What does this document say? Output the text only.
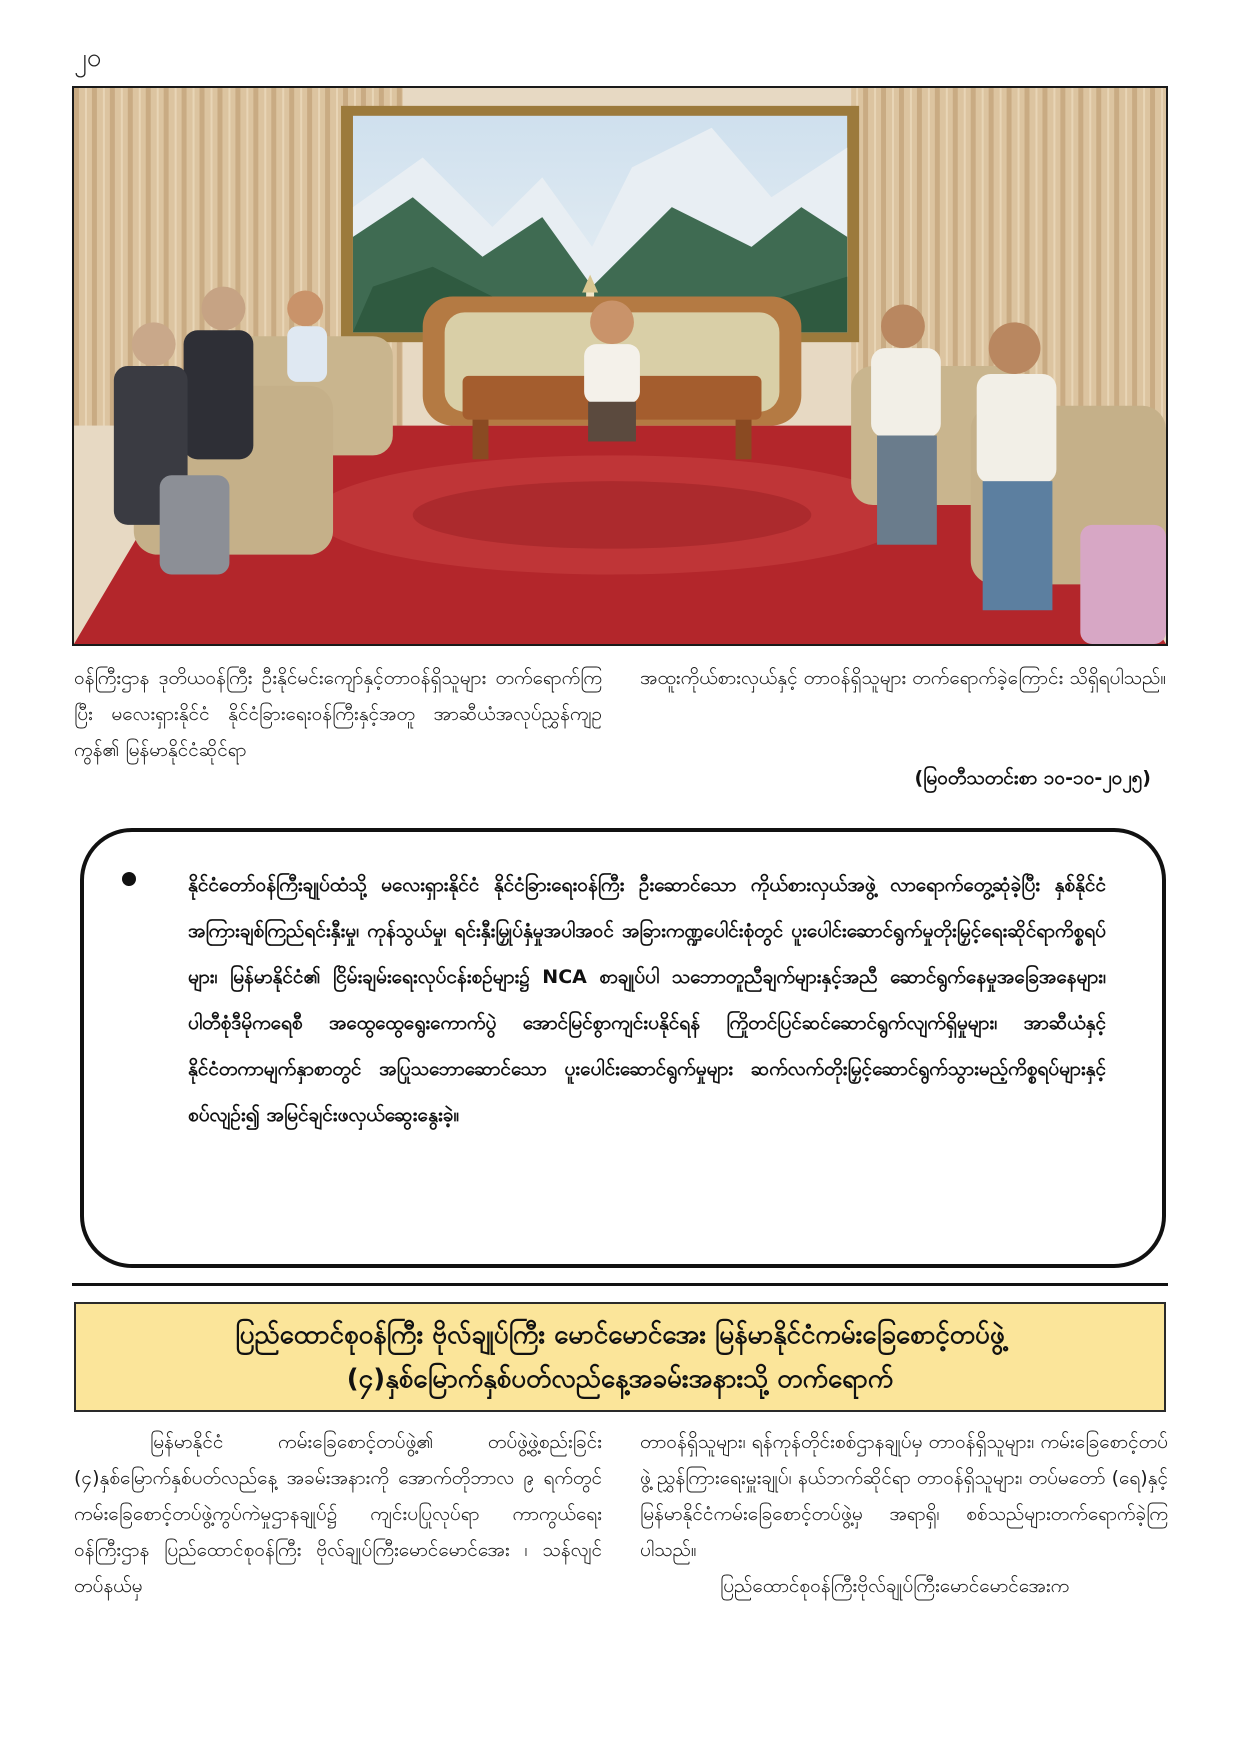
၂၀
ဝန်ကြီးဌာန ဒုတိယဝန်ကြီး ဦးနိုင်မင်းကျော်နှင့်တာဝန်ရှိသူများ တက်ရောက်ကြပြီး မလေးရှားနိုင်ငံ နိုင်ငံခြားရေးဝန်ကြီးနှင့်အတူ အာဆီယံအလုပ်ညွှန်ကျဥကွန်၏ မြန်မာနိုင်ငံဆိုင်ရာ
အထူးကိုယ်စားလှယ်နှင့် တာဝန်ရှိသူများ တက်ရောက်ခဲ့ကြောင်း သိရှိရပါသည်။
(မြဝတီသတင်းစာ ၁၀-၁၀-၂၀၂၅)
နိုင်ငံတော်ဝန်ကြီးချုပ်ထံသို့ မလေးရှားနိုင်ငံ နိုင်ငံခြားရေးဝန်ကြီး ဦးဆောင်သော ကိုယ်စားလှယ်အဖွဲ့ လာရောက်တွေ့ဆုံခဲ့ပြီး နှစ်နိုင်ငံအကြားချစ်ကြည်ရင်းနှီးမှု၊ ကုန်သွယ်မှု၊ ရင်းနှီးမြှုပ်နှံမှုအပါအဝင် အခြားကဏ္ဍပေါင်းစုံတွင် ပူးပေါင်းဆောင်ရွက်မှုတိုးမြှင့်ရေးဆိုင်ရာကိစ္စရပ်များ၊ မြန်မာနိုင်ငံ၏ ငြိမ်းချမ်းရေးလုပ်ငန်းစဉ်များ၌ NCA စာချုပ်ပါ သဘောတူညီချက်များနှင့်အညီ ဆောင်ရွက်နေမှုအခြေအနေများ၊ ပါတီစုံဒီမိုကရေစီ အထွေထွေရွေးကောက်ပွဲ အောင်မြင်စွာကျင်းပနိုင်ရန် ကြိုတင်ပြင်ဆင်ဆောင်ရွက်လျက်ရှိမှုများ၊ အာဆီယံနှင့် နိုင်ငံတကာမျက်နှာစာတွင် အပြုသဘောဆောင်သော ပူးပေါင်းဆောင်ရွက်မှုများ ဆက်လက်တိုးမြှင့်ဆောင်ရွက်သွားမည့်ကိစ္စရပ်များနှင့်စပ်လျဉ်း၍ အမြင်ချင်းဖလှယ်ဆွေးနွေးခဲ့။
ပြည်ထောင်စုဝန်ကြီး ဗိုလ်ချုပ်ကြီး မောင်မောင်အေး မြန်မာနိုင်ငံကမ်းခြေစောင့်တပ်ဖွဲ့
(၄)နှစ်မြောက်နှစ်ပတ်လည်နေ့အခမ်းအနားသို့ တက်ရောက်

မြန်မာနိုင်ငံ ကမ်းခြေစောင့်တပ်ဖွဲ့၏ တပ်ဖွဲ့ဖွဲ့စည်းခြင်း (၄)နှစ်မြောက်နှစ်ပတ်လည်နေ့ အခမ်းအနားကို အောက်တိုဘာလ ၉ ရက်တွင် ကမ်းခြေစောင့်တပ်ဖွဲ့ကွပ်ကဲမှုဌာနချုပ်၌ ကျင်းပပြုလုပ်ရာ ကာကွယ်ရေးဝန်ကြီးဌာန ပြည်ထောင်စုဝန်ကြီး ဗိုလ်ချုပ်ကြီးမောင်မောင်အေး ၊ သန်လျင်တပ်နယ်မှ

တာဝန်ရှိသူများ၊ ရန်ကုန်တိုင်းစစ်ဌာနချုပ်မှ တာဝန်ရှိသူများ၊ ကမ်းခြေစောင့်တပ်ဖွဲ့ ညွှန်ကြားရေးမှူးချုပ်၊ နယ်ဘက်ဆိုင်ရာ တာဝန်ရှိသူများ၊ တပ်မတော် (ရေ)နှင့် မြန်မာနိုင်ငံကမ်းခြေစောင့်တပ်ဖွဲ့မှ အရာရှိ၊ စစ်သည်များတက်ရောက်ခဲ့ကြပါသည်။

ပြည်ထောင်စုဝန်ကြီးဗိုလ်ချုပ်ကြီးမောင်မောင်အေးက
